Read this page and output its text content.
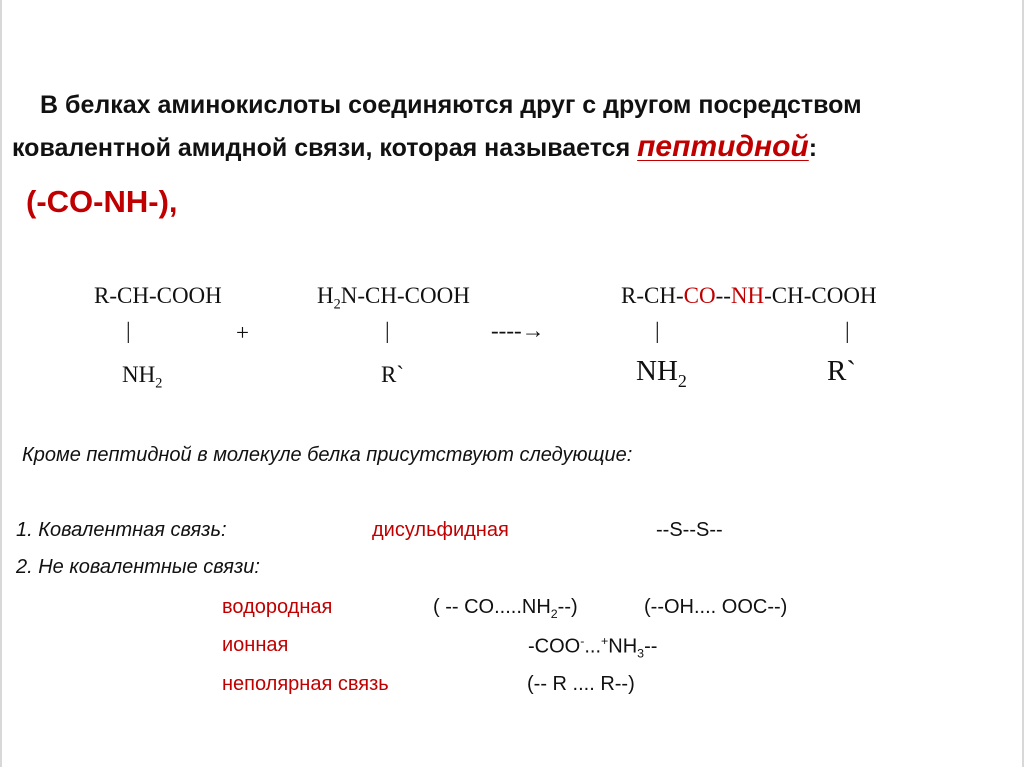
В белках аминокислоты соединяются друг с другом посредством
ковалентной амидной связи, которая называется пептидной:
(-CO-NH-),
R-CH-COOH	$H_2N-CH$-COOH	R-CH-CO--NH-CH-COOH
|	+	|	----→	|	|
$NH_2$	R`	$NH_2$	R`
Кроме пептидной в молекуле белка присутствуют следующие:
1. Ковалентная связь:	дисульфидная	--S--S--
2. Не ковалентные связи:
водородная	( -- $CO.....NH_2--$)	(--OH.... OOC--)
ионная	$-COO^-...^+NH_3--$
неполярная связь	(-- R .... R--)
